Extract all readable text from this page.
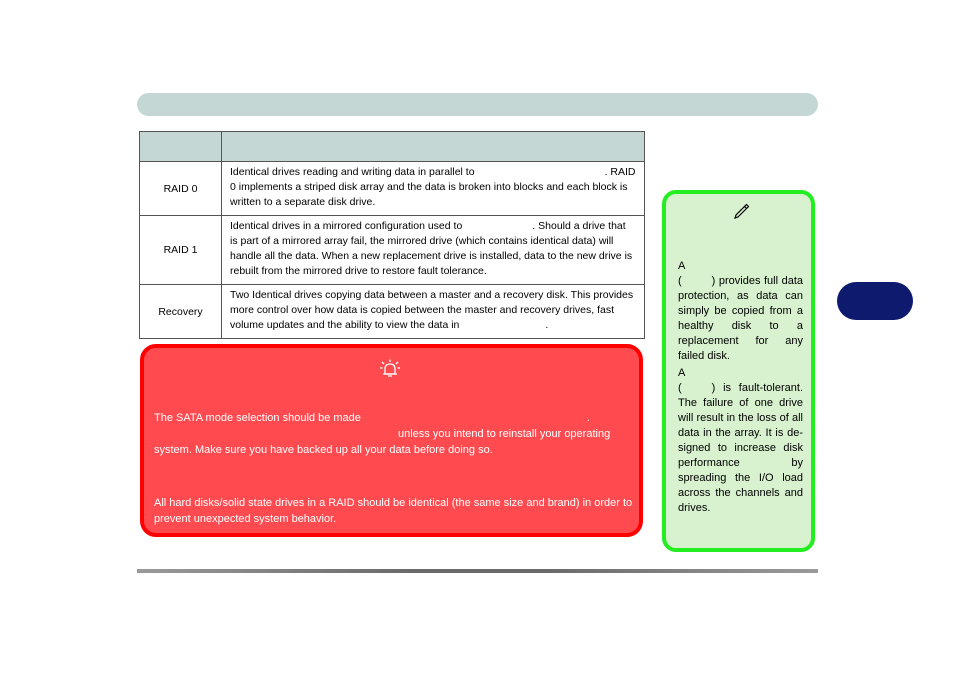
RAID 0	Identical drives reading and writing data in parallel to . RAID 0 implements a striped disk array and the data is broken into blocks and each block is written to a separate disk drive.
RAID 1	Identical drives in a mirrored configuration used to . Should a drive that is part of a mirrored array fail, the mirrored drive (which contains identical data) will handle all the data. When a new replacement drive is installed, data to the new drive is rebuilt from the mirrored drive to restore fault tolerance.
Recovery	Two Identical drives copying data between a master and a recovery disk. This provides more control over how data is copied between the master and recovery drives, fast volume updates and the ability to view the data in .

The SATA mode selection should be made	.
unless you intend to reinstall your operating system. Make sure you have backed up all your data before doing so.

All hard disks/solid state drives in a RAID should be identical (the same size and brand) in order to prevent unexpected system behavior.

A
(	) provides full data protection, as data can simply be copied from a healthy disk to a replacement for any failed disk.

A
(	) is fault-tolerant. The failure of one drive will result in the loss of all data in the array. It is de-signed to increase disk performance by spreading the I/O load across the channels and drives.
